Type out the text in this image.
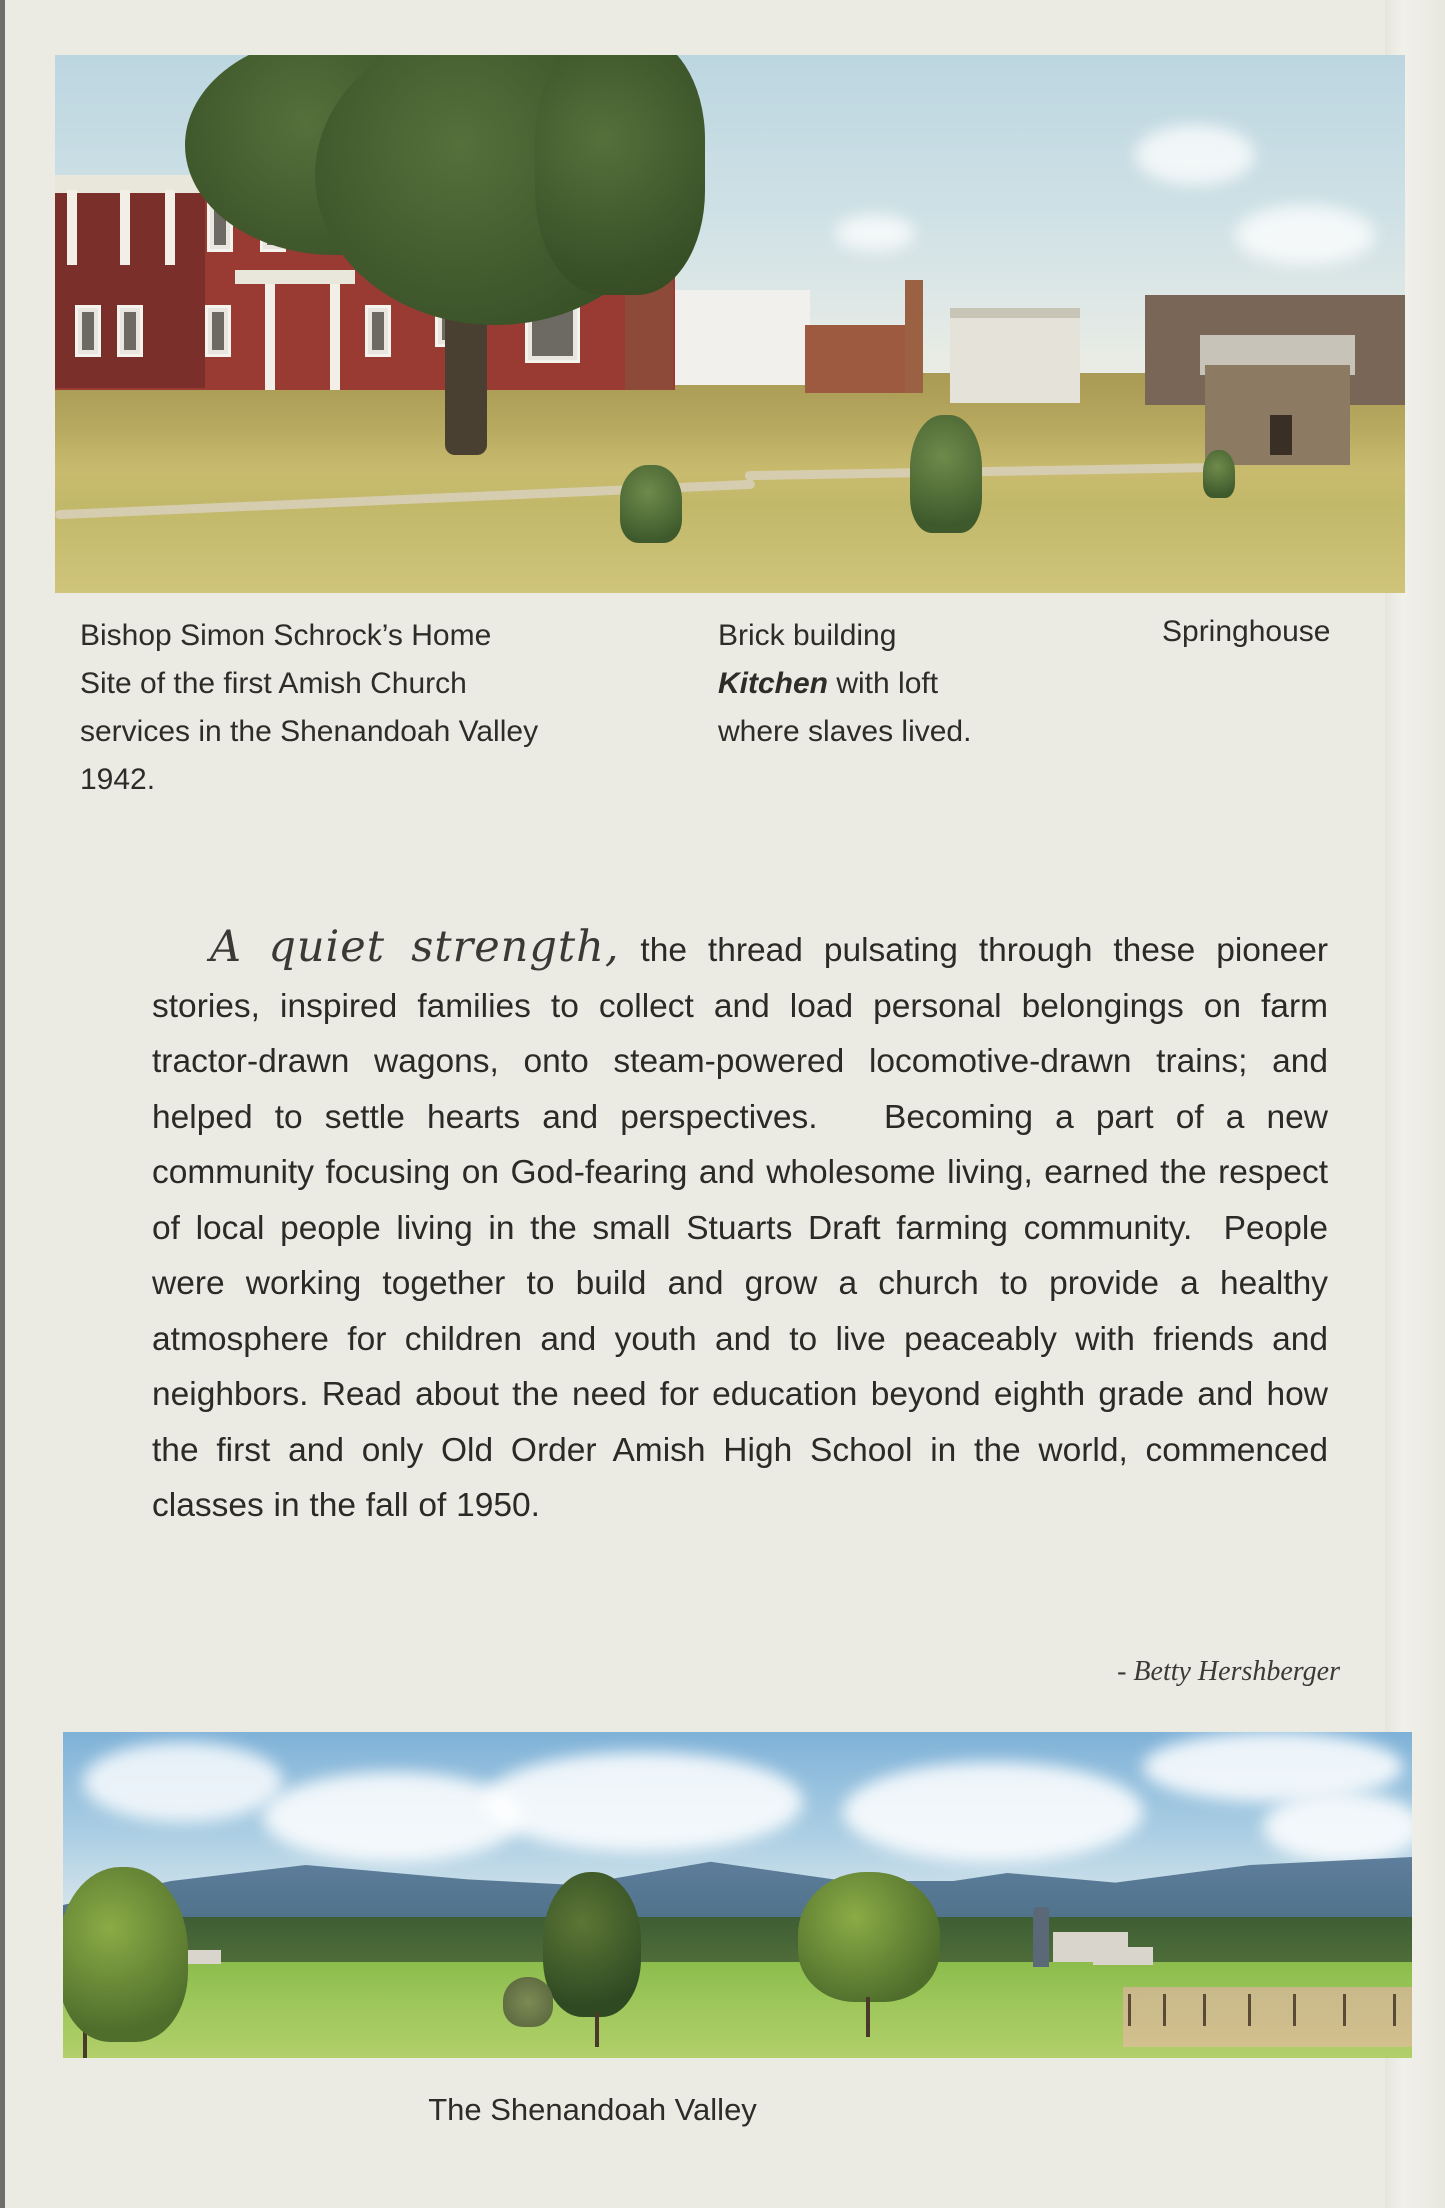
Bishop Simon Schrock’s Home
Site of the first Amish Church
services in the Shenandoah Valley
1942.
Brick building
Kitchen with loft
where slaves lived.
Springhouse
A quiet strength, the thread pulsating through these pioneer stories, inspired families to collect and load personal belongings on farm tractor-drawn wagons, onto steam-powered locomotive-drawn trains; and helped to settle hearts and perspectives.   Becoming a part of a new community focusing on God-fearing and wholesome living, earned the respect of local people living in the small Stuarts Draft farming community.  People were working together to build and grow a church to provide a healthy atmosphere for children and youth and to live peaceably with friends and neighbors. Read about the need for education beyond eighth grade and how the first and only Old Order Amish High School in the world, commenced classes in the fall of 1950.
- Betty Hershberger
The Shenandoah Valley
